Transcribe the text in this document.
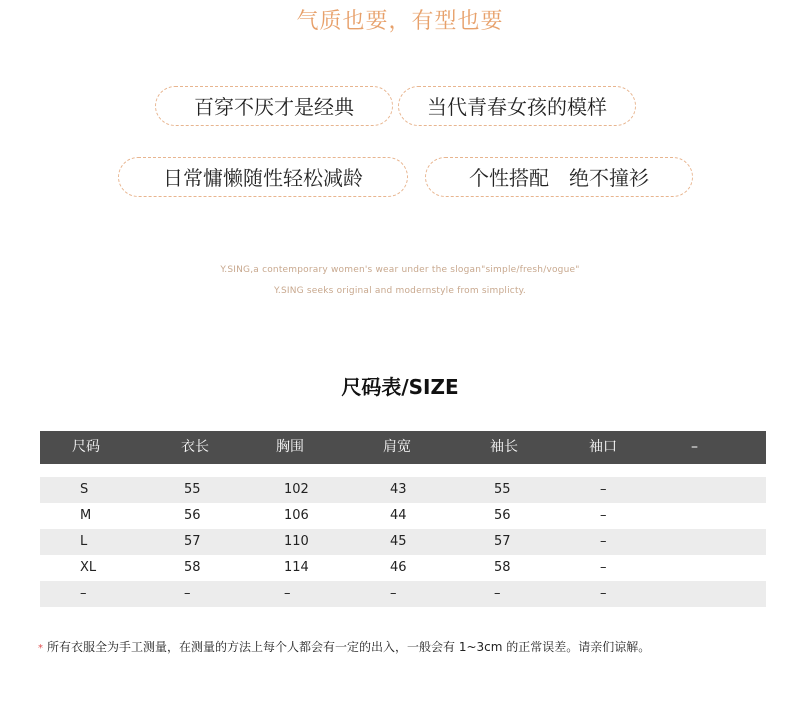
气质也要，有型也要
百穿不厌才是经典	当代青春女孩的模样
日常慵懒随性轻松减龄	个性搭配　绝不撞衫
Y.SING,a contemporary women's wear under the slogan"simple/fresh/vogue"
Y.SING seeks original and modernstyle from simplicty.
尺码表/SIZE
尺码	衣长	胸围	肩宽	袖长	袖口	–
S	55	102	43	55	–
M	56	106	44	56	–
L	57	110	45	57	–
XL	58	114	46	58	–
–	–	–	–	–	–
* 所有衣服全为手工测量，在测量的方法上每个人都会有一定的出入，一般会有 1~3cm 的正常误差。请亲们谅解。
